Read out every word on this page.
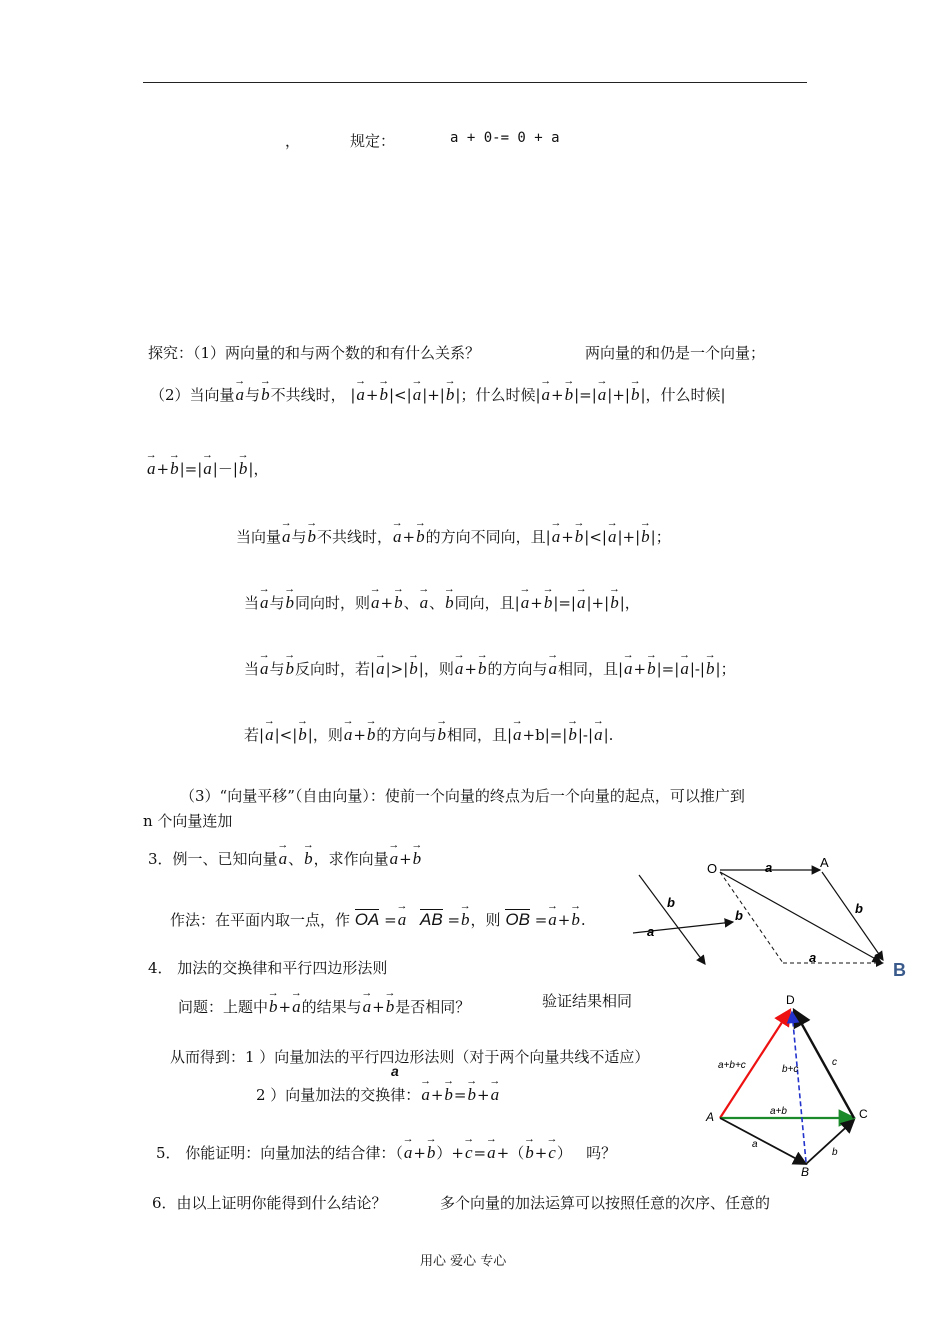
，	规定：	a + 0-= 0 + a
探究：（1）两向量的和与两个数的和有什么关系？	两向量的和仍是一个向量；
（2）当向量→ a与→ b不共线时， |→ a+→ b|<|→ a|+|→ b|；什么时候|→ a+→ b|=|→ a|+|→ b|，什么时候|
→ a+→ b|=|→ a|－|→ b|，
当向量→ a与→ b不共线时，→ a+→ b的方向不同向，且|→ a+→ b|<|→ a|+|→ b|；
当→ a与→ b同向时，则→ a+→ b、→ a、→ b同向，且|→ a+→ b|=|→ a|+|→ b|，
当→ a与→ b反向时，若|→ a|>|→ b|，则→ a+→ b的方向与→ a相同，且|→ a+→ b|=|→ a|-|→ b|；
若|→ a|<|→ b|，则→ a+→ b的方向与→ b相同，且|→ a+b|=|→ b|-|→ a|.
（3）“向量平移”（自由向量）：使前一个向量的终点为后一个向量的起点，可以推广到
n 个向量连加
3．例一、已知向量→ a、→ b，求作向量→ a+→ b
作法：在平面内取一点，作 OA =→ a AB =→ b，则 OB =→ a+→ b.
b
a
O	A
B
a
b
b
a
4． 加法的交换律和平行四边形法则
问题：上题中→ b+→ a的结果与→ a+→ b是否相同？	验证结果相同
从而得到：1 ）向量加法的平行四边形法则（对于两个向量共线不适应）
a
2 ）向量加法的交换律：→ a+→ b=→ b+→ a
5． 你能证明：向量加法的结合律：（→ a+→ b）+→ c=→ a+（→ b+→ c）   吗？
6．由以上证明你能得到什么结论？	多个向量的加法运算可以按照任意的次序、任意的
D
A
B
C
a+b+c	b+c
a+b
a
b
c
用心 爱心 专心
